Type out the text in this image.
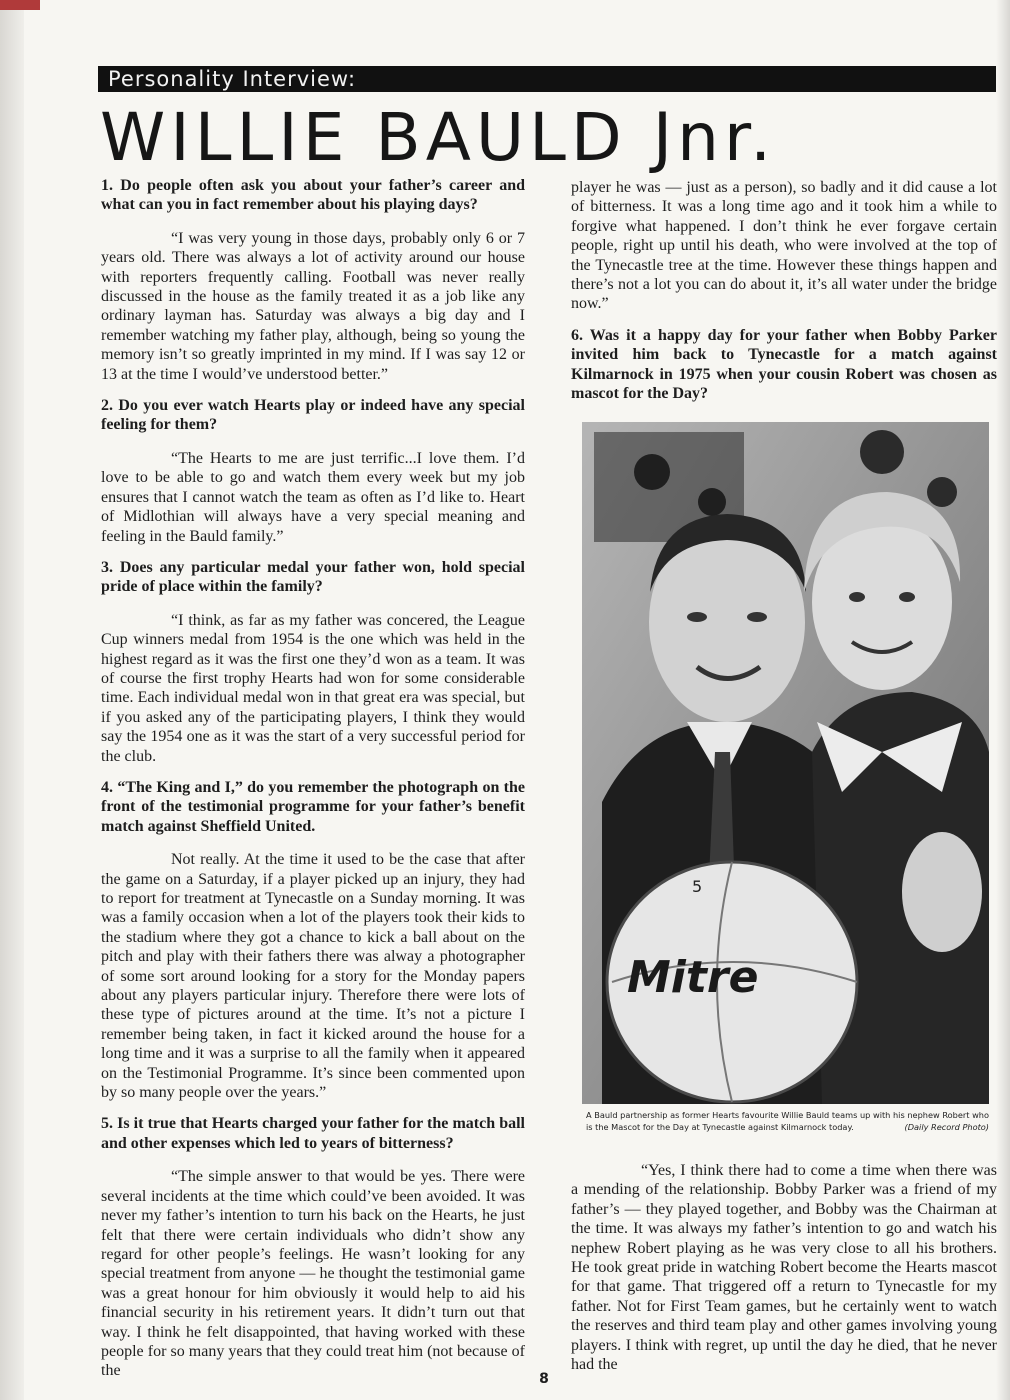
Personality Interview:
WILLIE BAULD Jnr.

1. Do people often ask you about your father’s career and what can you in fact remember about his playing days?

“I was very young in those days, probably only 6 or 7 years old. There was always a lot of activity around our house with reporters frequently calling. Football was never really discussed in the house as the family treated it as a job like any ordinary layman has. Saturday was always a big day and I remember watching my father play, although, being so young the memory isn’t so greatly imprinted in my mind. If I was say 12 or 13 at the time I would’ve understood better.”

2. Do you ever watch Hearts play or indeed have any special feeling for them?

“The Hearts to me are just terrific...I love them. I’d love to be able to go and watch them every week but my job ensures that I cannot watch the team as often as I’d like to. Heart of Midlothian will always have a very special meaning and feeling in the Bauld family.”

3. Does any particular medal your father won, hold special pride of place within the family?

“I think, as far as my father was concered, the League Cup winners medal from 1954 is the one which was held in the highest regard as it was the first one they’d won as a team. It was of course the first trophy Hearts had won for some considerable time. Each individual medal won in that great era was special, but if you asked any of the participating players, I think they would say the 1954 one as it was the start of a very successful period for the club.

4. “The King and I,” do you remember the photograph on the front of the testimonial programme for your father’s benefit match against Sheffield United.

Not really. At the time it used to be the case that after the game on a Saturday, if a player picked up an injury, they had to report for treatment at Tynecastle on a Sunday morning. It was was a family occasion when a lot of the players took their kids to the stadium where they got a chance to kick a ball about on the pitch and play with their fathers there was alway a photographer of some sort around looking for a story for the Monday papers about any players particular injury. Therefore there were lots of these type of pictures around at the time. It’s not a picture I remember being taken, in fact it kicked around the house for a long time and it was a surprise to all the family when it appeared on the Testimonial Programme. It’s since been commented upon by so many people over the years.”

5. Is it true that Hearts charged your father for the match ball and other expenses which led to years of bitterness?

“The simple answer to that would be yes. There were several incidents at the time which could’ve been avoided. It was never my father’s intention to turn his back on the Hearts, he just felt that there were certain individuals who didn’t show any regard for other people’s feelings. He wasn’t looking for any special treatment from anyone — he thought the testimonial game was a great honour for him obviously it would help to aid his financial security in his retirement years. It didn’t turn out that way. I think he felt disappointed, that having worked with these people for so many years that they could treat him (not because of the

player he was — just as a person), so badly and it did cause a lot of bitterness. It was a long time ago and it took him a while to forgive what happened. I don’t think he ever forgave certain people, right up until his death, who were involved at the top of the Tynecastle tree at the time. However these things happen and there’s not a lot you can do about it, it’s all water under the bridge now.”

6. Was it a happy day for your father when Bobby Parker invited him back to Tynecastle for a match against Kilmarnock in 1975 when your cousin Robert was chosen as mascot for the Day?

Mitre
5
A Bauld partnership as former Hearts favourite Willie Bauld teams up with his nephew Robert who is the Mascot for the Day at Tynecastle against Kilmarnock today.	(Daily Record Photo)

“Yes, I think there had to come a time when there was a mending of the relationship. Bobby Parker was a friend of my father’s — they played together, and Bobby was the Chairman at the time. It was always my father’s intention to go and watch his nephew Robert playing as he was very close to all his brothers. He took great pride in watching Robert become the Hearts mascot for that game. That triggered off a return to Tynecastle for my father. Not for First Team games, but he certainly went to watch the reserves and third team play and other games involving young players. I think with regret, up until the day he died, that he never had the

8
